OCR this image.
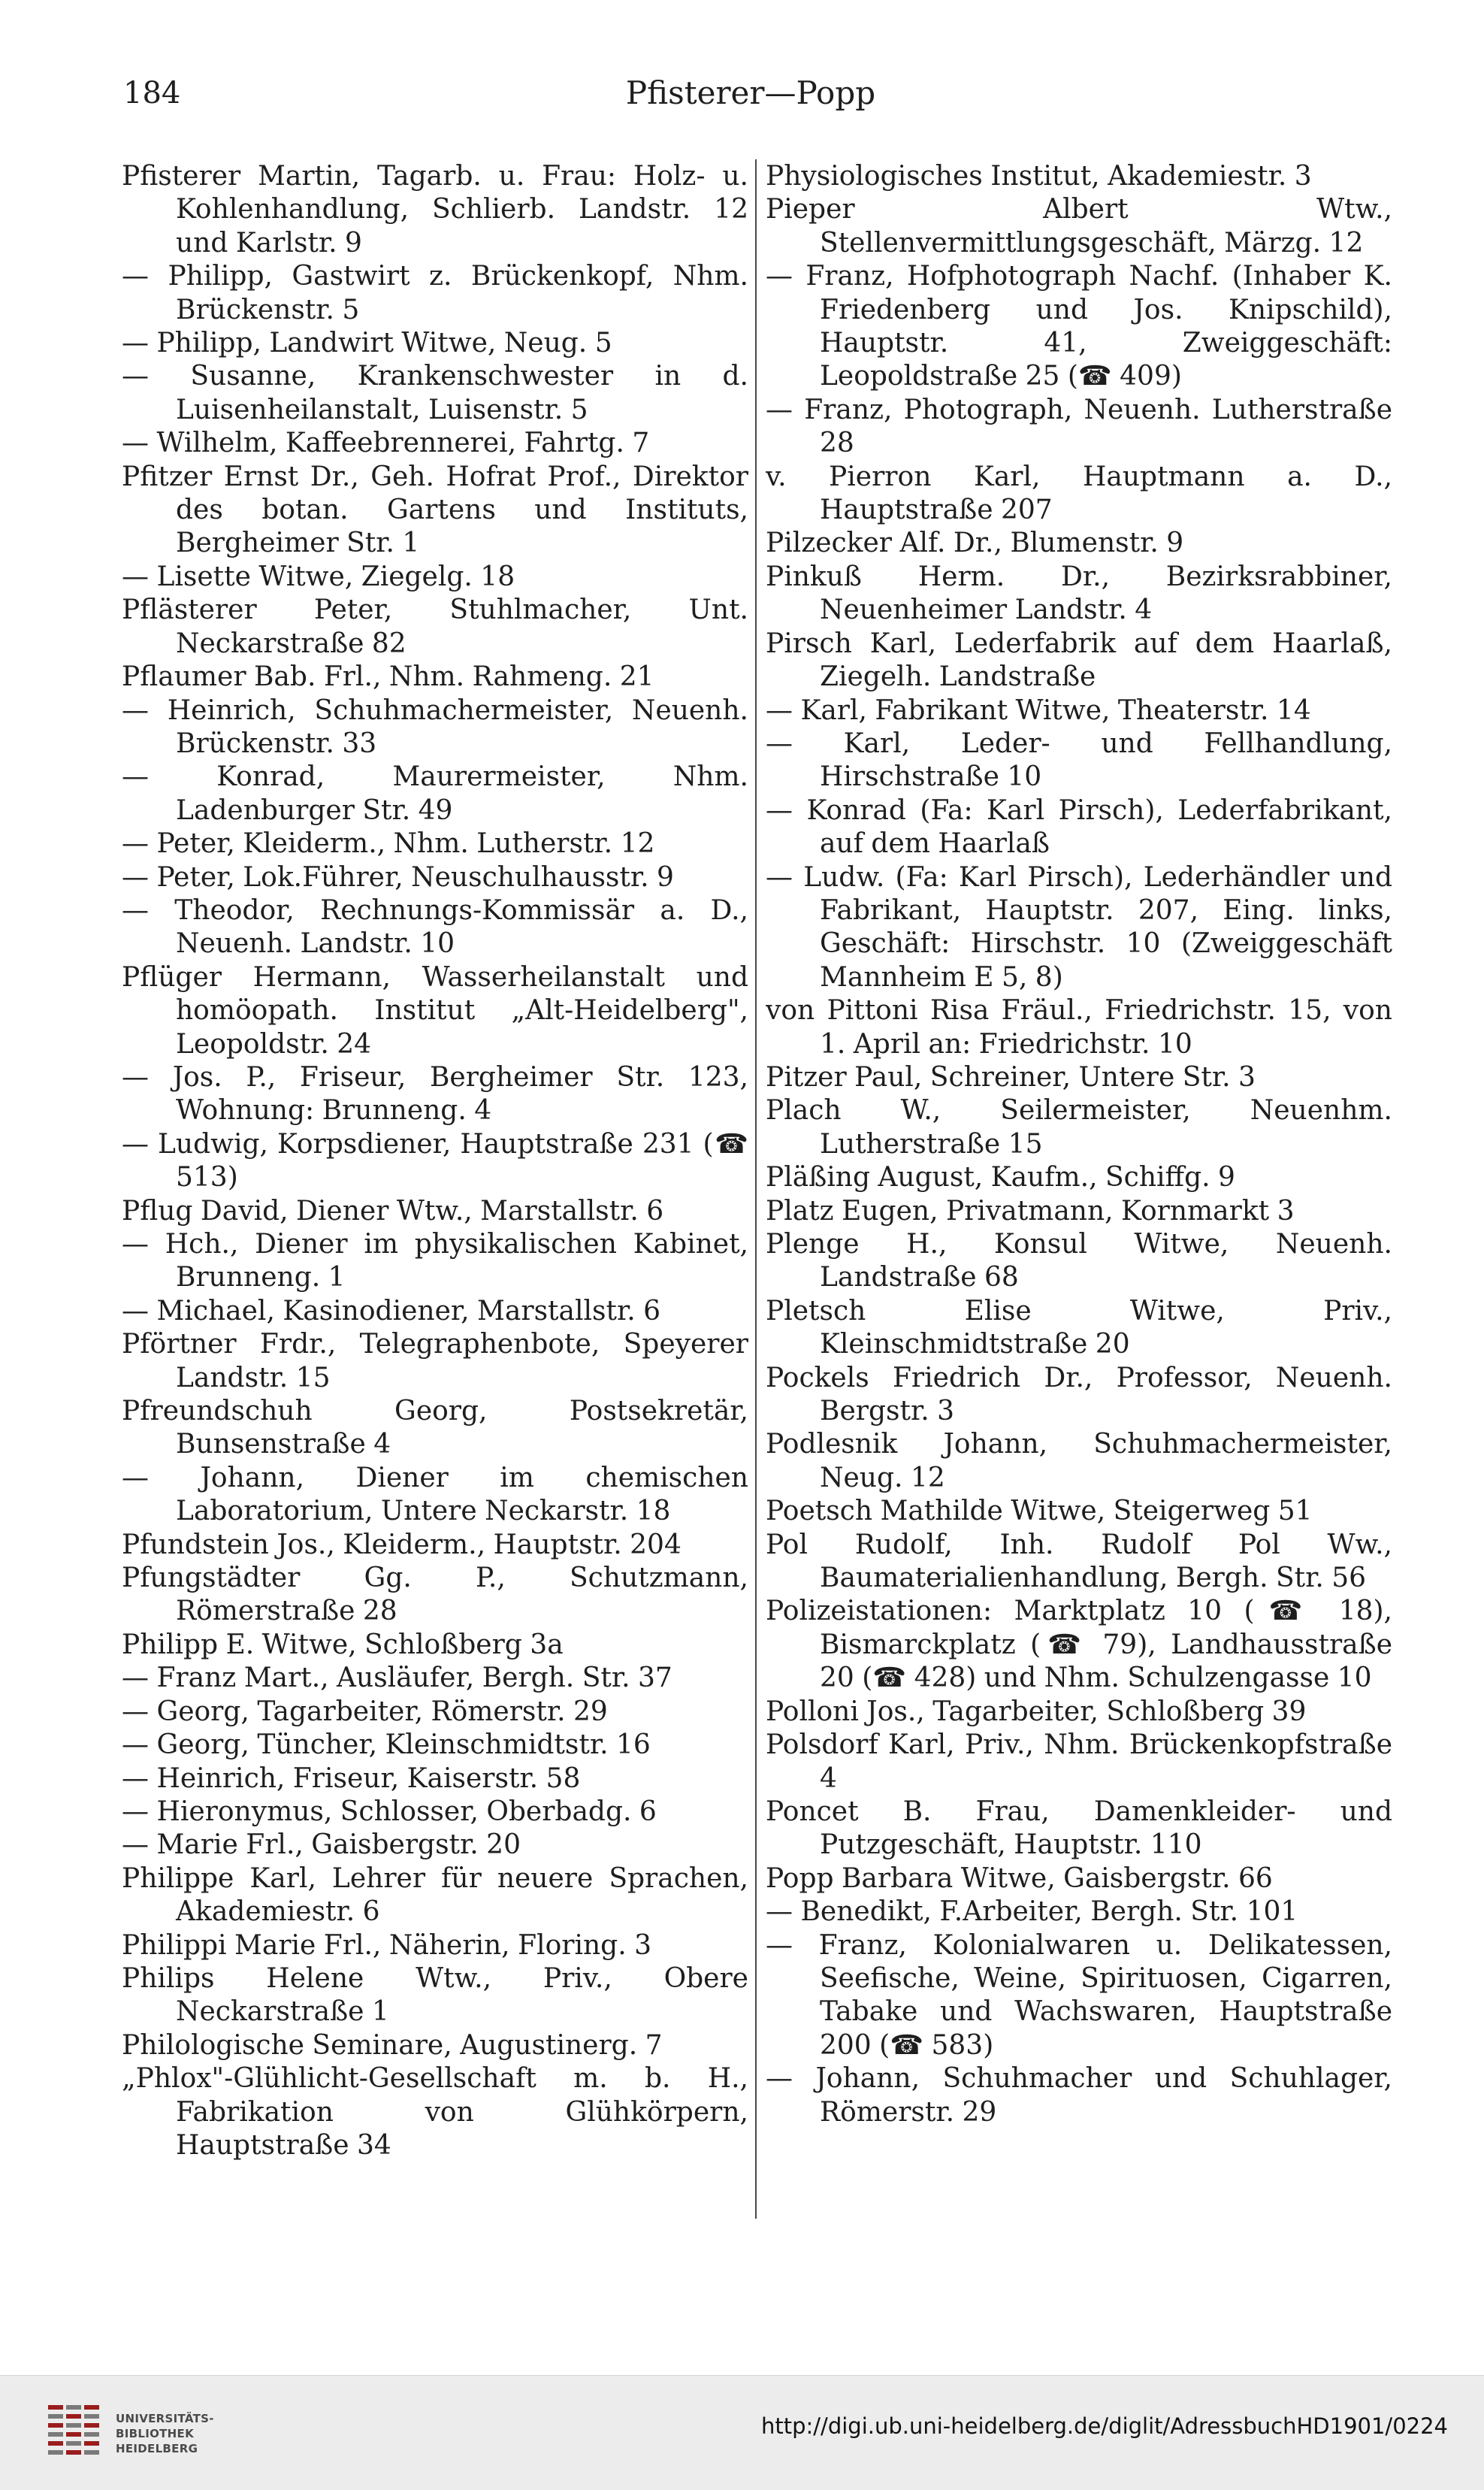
184	Pfisterer—Popp
Pfisterer Martin, Tagarb. u. Frau: Holz- u. Kohlenhandlung, Schlierb. Landstr. 12 und Karlstr. 9
— Philipp, Gastwirt z. Brückenkopf, Nhm. Brückenstr. 5
— Philipp, Landwirt Witwe, Neug. 5
— Susanne, Krankenschwester in d. Luisenheilanstalt, Luisenstr. 5
— Wilhelm, Kaffeebrennerei, Fahrtg. 7
Pfitzer Ernst Dr., Geh. Hofrat Prof., Direktor des botan. Gartens und Instituts, Bergheimer Str. 1
— Lisette Witwe, Ziegelg. 18
Pflästerer Peter, Stuhlmacher, Unt. Neckarstraße 82
Pflaumer Bab. Frl., Nhm. Rahmeng. 21
— Heinrich, Schuhmachermeister, Neuenh. Brückenstr. 33
— Konrad, Maurermeister, Nhm. Ladenburger Str. 49
— Peter, Kleiderm., Nhm. Lutherstr. 12
— Peter, Lok.Führer, Neuschulhausstr. 9
— Theodor, Rechnungs-Kommissär a. D., Neuenh. Landstr. 10
Pflüger Hermann, Wasserheilanstalt und homöopath. Institut „Alt-Heidelberg", Leopoldstr. 24
— Jos. P., Friseur, Bergheimer Str. 123, Wohnung: Brunneng. 4
— Ludwig, Korpsdiener, Hauptstraße 231 (☎ 513)
Pflug David, Diener Wtw., Marstallstr. 6
— Hch., Diener im physikalischen Kabinet, Brunneng. 1
— Michael, Kasinodiener, Marstallstr. 6
Pförtner Frdr., Telegraphenbote, Speyerer Landstr. 15
Pfreundschuh Georg, Postsekretär, Bunsenstraße 4
— Johann, Diener im chemischen Laboratorium, Untere Neckarstr. 18
Pfundstein Jos., Kleiderm., Hauptstr. 204
Pfungstädter Gg. P., Schutzmann, Römerstraße 28
Philipp E. Witwe, Schloßberg 3a
— Franz Mart., Ausläufer, Bergh. Str. 37
— Georg, Tagarbeiter, Römerstr. 29
— Georg, Tüncher, Kleinschmidtstr. 16
— Heinrich, Friseur, Kaiserstr. 58
— Hieronymus, Schlosser, Oberbadg. 6
— Marie Frl., Gaisbergstr. 20
Philippe Karl, Lehrer für neuere Sprachen, Akademiestr. 6
Philippi Marie Frl., Näherin, Floring. 3
Philips Helene Wtw., Priv., Obere Neckarstraße 1
Philologische Seminare, Augustinerg. 7
„Phlox"-Glühlicht-Gesellschaft m. b. H., Fabrikation von Glühkörpern, Hauptstraße 34
Physiologisches Institut, Akademiestr. 3
Pieper Albert Wtw., Stellenvermittlungsgeschäft, Märzg. 12
— Franz, Hofphotograph Nachf. (Inhaber K. Friedenberg und Jos. Knipschild), Hauptstr. 41, Zweiggeschäft: Leopoldstraße 25 (☎ 409)
— Franz, Photograph, Neuenh. Lutherstraße 28
v. Pierron Karl, Hauptmann a. D., Hauptstraße 207
Pilzecker Alf. Dr., Blumenstr. 9
Pinkuß Herm. Dr., Bezirksrabbiner, Neuenheimer Landstr. 4
Pirsch Karl, Lederfabrik auf dem Haarlaß, Ziegelh. Landstraße
— Karl, Fabrikant Witwe, Theaterstr. 14
— Karl, Leder- und Fellhandlung, Hirschstraße 10
— Konrad (Fa: Karl Pirsch), Lederfabrikant, auf dem Haarlaß
— Ludw. (Fa: Karl Pirsch), Lederhändler und Fabrikant, Hauptstr. 207, Eing. links, Geschäft: Hirschstr. 10 (Zweiggeschäft Mannheim E 5, 8)
von Pittoni Risa Fräul., Friedrichstr. 15, von 1. April an: Friedrichstr. 10
Pitzer Paul, Schreiner, Untere Str. 3
Plach W., Seilermeister, Neuenhm. Lutherstraße 15
Pläßing August, Kaufm., Schiffg. 9
Platz Eugen, Privatmann, Kornmarkt 3
Plenge H., Konsul Witwe, Neuenh. Landstraße 68
Pletsch Elise Witwe, Priv., Kleinschmidtstraße 20
Pockels Friedrich Dr., Professor, Neuenh. Bergstr. 3
Podlesnik Johann, Schuhmachermeister, Neug. 12
Poetsch Mathilde Witwe, Steigerweg 51
Pol Rudolf, Inh. Rudolf Pol Ww., Baumaterialienhandlung, Bergh. Str. 56
Polizeistationen: Marktplatz 10 (☎ 18), Bismarckplatz (☎ 79), Landhausstraße 20 (☎ 428) und Nhm. Schulzengasse 10
Polloni Jos., Tagarbeiter, Schloßberg 39
Polsdorf Karl, Priv., Nhm. Brückenkopfstraße 4
Poncet B. Frau, Damenkleider- und Putzgeschäft, Hauptstr. 110
Popp Barbara Witwe, Gaisbergstr. 66
— Benedikt, F.Arbeiter, Bergh. Str. 101
— Franz, Kolonialwaren u. Delikatessen, Seefische, Weine, Spirituosen, Cigarren, Tabake und Wachswaren, Hauptstraße 200 (☎ 583)
— Johann, Schuhmacher und Schuhlager, Römerstr. 29
UNIVERSITÄTS-
BIBLIOTHEK
HEIDELBERG
http://digi.ub.uni-heidelberg.de/diglit/AdressbuchHD1901/0224
